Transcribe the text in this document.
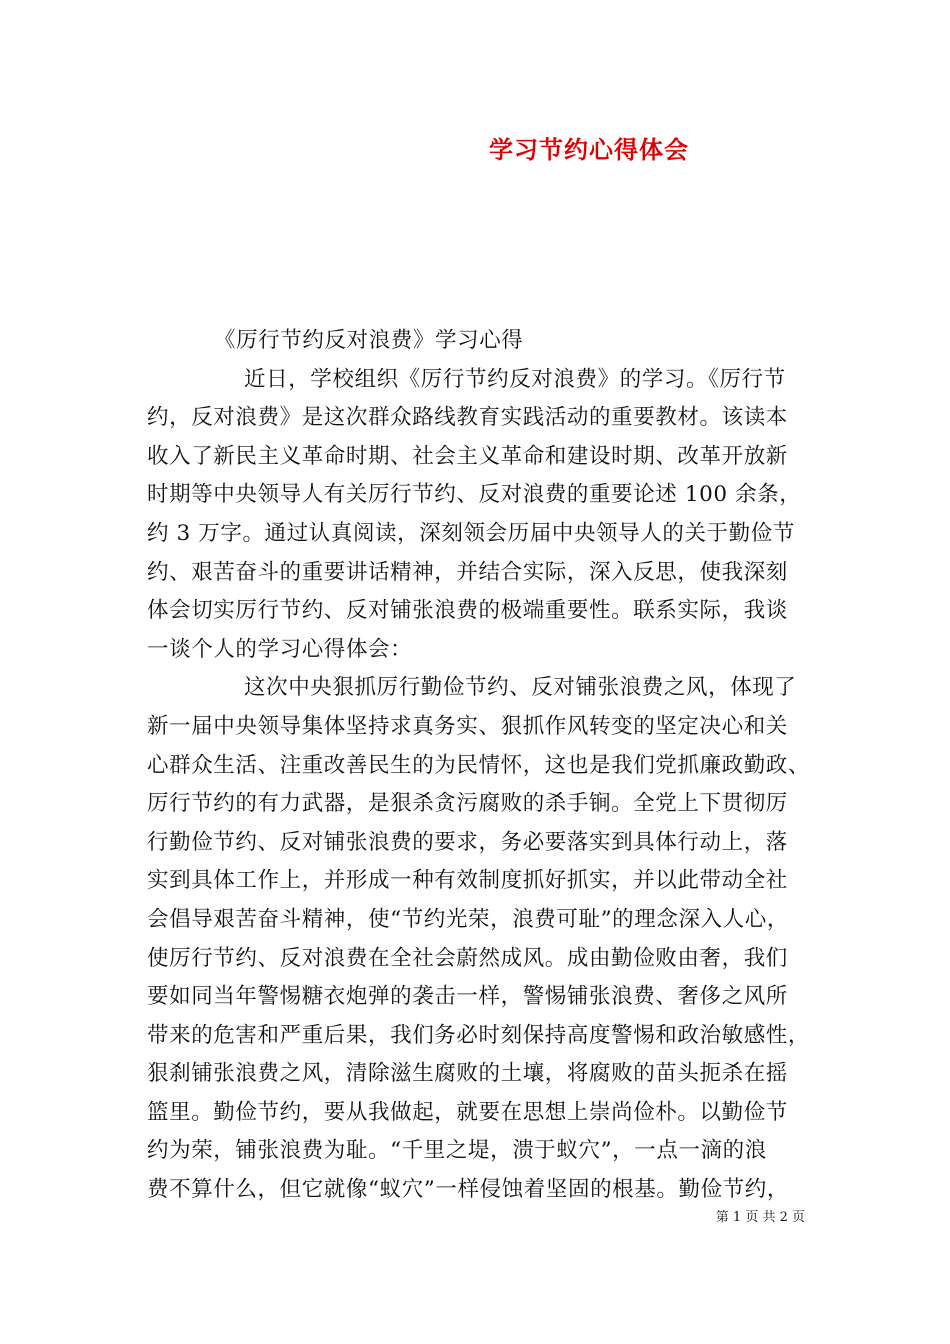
学习节约心得体会
《厉行节约反对浪费》学习心得
近日，学校组织《厉行节约反对浪费》的学习。《厉行节
约，反对浪费》是这次群众路线教育实践活动的重要教材。该读本
收入了新民主义革命时期、社会主义革命和建设时期、改革开放新
时期等中央领导人有关厉行节约、反对浪费的重要论述 100 余条，
约 3 万字。通过认真阅读，深刻领会历届中央领导人的关于勤俭节
约、艰苦奋斗的重要讲话精神，并结合实际，深入反思，使我深刻
体会切实厉行节约、反对铺张浪费的极端重要性。联系实际，我谈
一谈个人的学习心得体会：
这次中央狠抓厉行勤俭节约、反对铺张浪费之风，体现了
新一届中央领导集体坚持求真务实、狠抓作风转变的坚定决心和关
心群众生活、注重改善民生的为民情怀，这也是我们党抓廉政勤政、
厉行节约的有力武器，是狠杀贪污腐败的杀手锏。全党上下贯彻厉
行勤俭节约、反对铺张浪费的要求，务必要落实到具体行动上，落
实到具体工作上，并形成一种有效制度抓好抓实，并以此带动全社
会倡导艰苦奋斗精神，使“节约光荣，浪费可耻”的理念深入人心，
使厉行节约、反对浪费在全社会蔚然成风。成由勤俭败由奢，我们
要如同当年警惕糖衣炮弹的袭击一样，警惕铺张浪费、奢侈之风所
带来的危害和严重后果，我们务必时刻保持高度警惕和政治敏感性，
狠刹铺张浪费之风，清除滋生腐败的土壤，将腐败的苗头扼杀在摇
篮里。勤俭节约，要从我做起，就要在思想上崇尚俭朴。以勤俭节
约为荣，铺张浪费为耻。“千里之堤，溃于蚁穴”，一点一滴的浪
费不算什么，但它就像“蚁穴”一样侵蚀着坚固的根基。勤俭节约，
第 1 页 共 2 页
